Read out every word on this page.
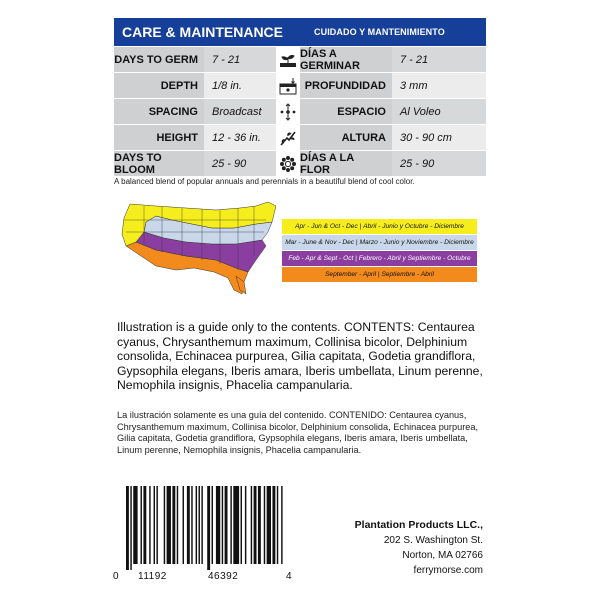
CARE & MAINTENANCE	CUIDADO Y MANTENIMIENTO
DAYS TO GERM	7 - 21	DÍAS A GERMINAR	7 - 21
DEPTH	1/8 in.	PROFUNDIDAD	3 mm
SPACING	Broadcast	ESPACIO	Al Voleo
HEIGHT	12 - 36 in.	ALTURA	30 - 90 cm
DAYS TO BLOOM	25 - 90	DÍAS A LA FLOR	25 - 90
A balanced blend of popular annuals and perennials in a beautiful blend of cool color.
Apr - Jun & Oct - Dec | Abril - Junio y Octubre - Diciembre
Mar - June & Nov - Dec | Marzo - Junio y Noviembre - Diciembre
Feb - Apr & Sept - Oct | Febrero - Abril y Septiembre - Octubre
September - April | Septiembre - Abril
Illustration is a guide only to the contents. CONTENTS: Centaurea cyanus, Chrysanthemum maximum, Collinisa bicolor, Delphinium consolida, Echinacea purpurea, Gilia capitata, Godetia grandiflora, Gypsophila elegans, Iberis amara, Iberis umbellata, Linum perenne, Nemophila insignis, Phacelia campanularia.
La ilustración solamente es una guía del contenido. CONTENIDO: Centaurea cyanus, Chrysanthemum maximum, Collinisa bicolor, Delphinium consolida, Echinacea purpurea, Gilia capitata, Godetia grandiflora, Gypsophila elegans, Iberis amara, Iberis umbellata, Linum perenne, Nemophila insignis, Phacelia campanularia.
0 11192	46392	4
Plantation Products LLC.,
202 S. Washington St.
Norton, MA 02766
ferrymorse.com
